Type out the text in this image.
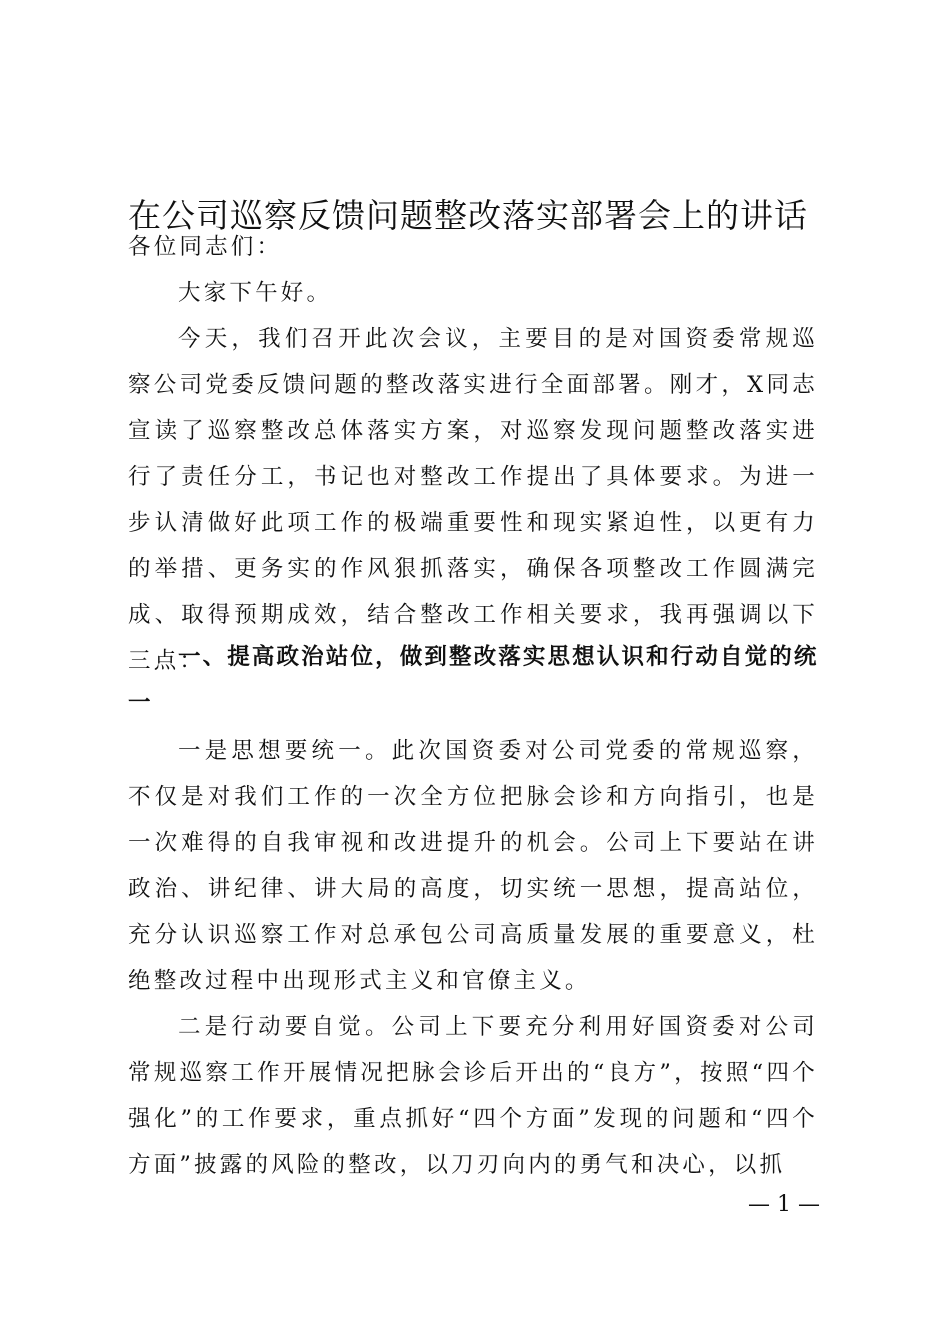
在公司巡察反馈问题整改落实部署会上的讲话

各位同志们：

大家下午好。

今天，我们召开此次会议，主要目的是对国资委常规巡察公司党委反馈问题的整改落实进行全面部署。刚才，X同志宣读了巡察整改总体落实方案，对巡察发现问题整改落实进行了责任分工，书记也对整改工作提出了具体要求。为进一步认清做好此项工作的极端重要性和现实紧迫性，以更有力的举措、更务实的作风狠抓落实，确保各项整改工作圆满完成、取得预期成效，结合整改工作相关要求，我再强调以下三点：

一、提高政治站位，做到整改落实思想认识和行动自觉的统一

一是思想要统一。此次国资委对公司党委的常规巡察，不仅是对我们工作的一次全方位把脉会诊和方向指引，也是一次难得的自我审视和改进提升的机会。公司上下要站在讲政治、讲纪律、讲大局的高度，切实统一思想，提高站位，充分认识巡察工作对总承包公司高质量发展的重要意义，杜绝整改过程中出现形式主义和官僚主义。

二是行动要自觉。公司上下要充分利用好国资委对公司常规巡察工作开展情况把脉会诊后开出的“良方”，按照“四个强化”的工作要求，重点抓好“四个方面”发现的问题和“四个方面”披露的风险的整改，以刀刃向内的勇气和决心，以抓

— 1 —
